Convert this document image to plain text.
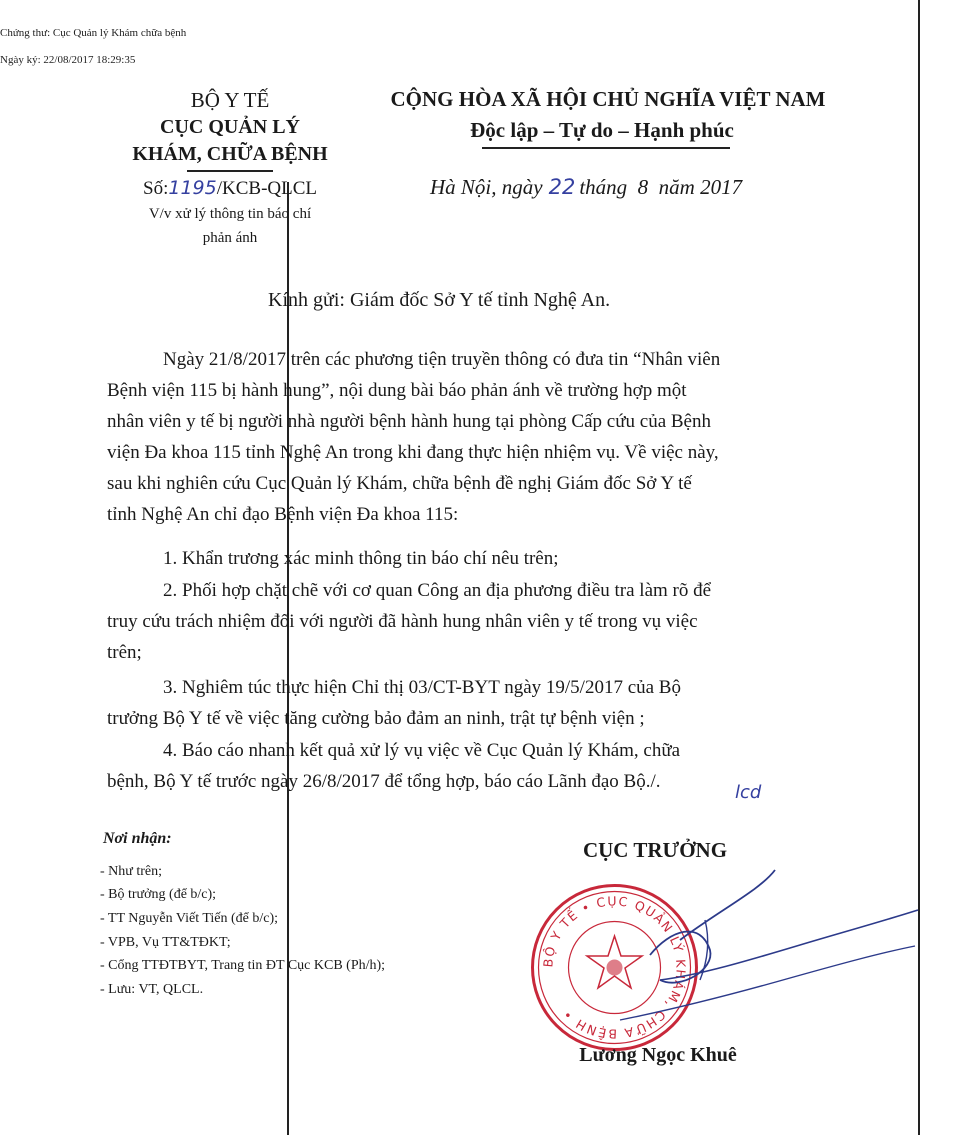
Chứng thư: Cục Quản lý Khám chữa bệnh
Ngày ký: 22/08/2017 18:29:35
BỘ Y TẾ
CỤC QUẢN LÝ
KHÁM, CHỮA BỆNH
Số:1195/KCB-QLCL
V/v xử lý thông tin báo chí
phản ánh
CỘNG HÒA XÃ HỘI CHỦ NGHĨA VIỆT NAM
Độc lập – Tự do – Hạnh phúc
Hà Nội, ngày 22 tháng  8  năm 2017
Kính gửi: Giám đốc Sở Y tế tỉnh Nghệ An.
Ngày 21/8/2017 trên các phương tiện truyền thông có đưa tin “Nhân viên
Bệnh viện 115 bị hành hung”, nội dung bài báo phản ánh về trường hợp một
nhân viên y tế bị người nhà người bệnh hành hung tại phòng Cấp cứu của Bệnh
viện Đa khoa 115 tỉnh Nghệ An trong khi đang thực hiện nhiệm vụ. Về việc này,
sau khi nghiên cứu Cục Quản lý Khám, chữa bệnh đề nghị Giám đốc Sở Y tế
tỉnh Nghệ An chỉ đạo Bệnh viện Đa khoa 115:
1. Khẩn trương xác minh thông tin báo chí nêu trên;
2. Phối hợp chặt chẽ với cơ quan Công an địa phương điều tra làm rõ để
truy cứu trách nhiệm đối với người đã hành hung nhân viên y tế trong vụ việc
trên;
3. Nghiêm túc thực hiện Chỉ thị 03/CT-BYT ngày 19/5/2017 của Bộ
trưởng Bộ Y tế về việc tăng cường bảo đảm an ninh, trật tự bệnh viện ;
4. Báo cáo nhanh kết quả xử lý vụ việc về Cục Quản lý Khám, chữa
bệnh, Bộ Y tế trước ngày 26/8/2017 để tổng hợp, báo cáo Lãnh đạo Bộ./.
lcd
Nơi nhận:
- Như trên;
- Bộ trưởng (để b/c);
- TT Nguyễn Viết Tiến (để b/c);
- VPB, Vụ TT&TĐKT;
- Cổng TTĐTBYT, Trang tin ĐT Cục KCB (Ph/h);
- Lưu: VT, QLCL.
CỤC TRƯỞNG
BỘ Y TẾ • CỤC QUẢN LÝ KHÁM, CHỮA BỆNH •
Lương Ngọc Khuê
